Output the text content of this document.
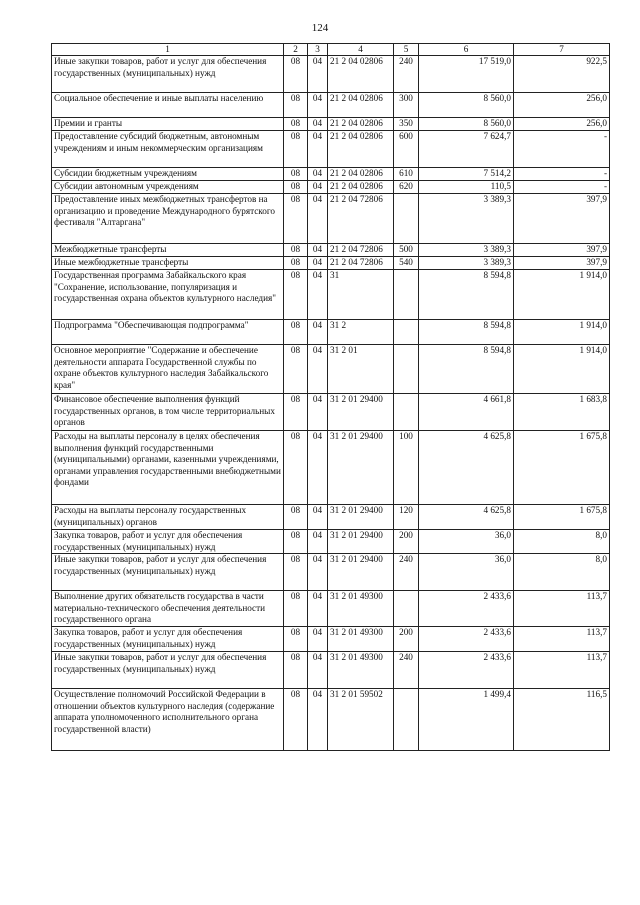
124
1	2	3	4	5	6	7
Иные закупки товаров, работ и услуг для обеспечения государственных (муниципальных) нужд	08	04	21 2 04 02806	240	17 519,0	922,5
Социальное обеспечение и иные выплаты населению	08	04	21 2 04 02806	300	8 560,0	256,0
Премии и гранты	08	04	21 2 04 02806	350	8 560,0	256,0
Предоставление субсидий бюджетным, автономным учреждениям и иным некоммерческим организациям	08	04	21 2 04 02806	600	7 624,7	-
Субсидии бюджетным учреждениям	08	04	21 2 04 02806	610	7 514,2	-
Субсидии автономным учреждениям	08	04	21 2 04 02806	620	110,5	-
Предоставление иных межбюджетных трансфертов на организацию и проведение Международного бурятского фестиваля "Алтаргана"	08	04	21 2 04 72806		3 389,3	397,9
Межбюджетные трансферты	08	04	21 2 04 72806	500	3 389,3	397,9
Иные межбюджетные трансферты	08	04	21 2 04 72806	540	3 389,3	397,9
Государственная программа Забайкальского края "Сохранение, использование, популяризация и государственная охрана объектов культурного наследия"	08	04	31		8 594,8	1 914,0
Подпрограмма "Обеспечивающая подпрограмма"	08	04	31 2		8 594,8	1 914,0
Основное мероприятие "Содержание и обеспечение деятельности аппарата Государственной службы по охране объектов культурного наследия Забайкальского края"	08	04	31 2 01		8 594,8	1 914,0
Финансовое обеспечение выполнения функций государственных органов, в том числе территориальных органов	08	04	31 2 01 29400		4 661,8	1 683,8
Расходы на выплаты персоналу в целях обеспечения выполнения функций государственными (муниципальными) органами, казенными учреждениями, органами управления государственными внебюджетными фондами	08	04	31 2 01 29400	100	4 625,8	1 675,8
Расходы на выплаты персоналу государственных (муниципальных) органов	08	04	31 2 01 29400	120	4 625,8	1 675,8
Закупка товаров, работ и услуг для обеспечения государственных (муниципальных) нужд	08	04	31 2 01 29400	200	36,0	8,0
Иные закупки товаров, работ и услуг для обеспечения государственных (муниципальных) нужд	08	04	31 2 01 29400	240	36,0	8,0
Выполнение других обязательств государства в части материально-технического обеспечения деятельности государственного органа	08	04	31 2 01 49300		2 433,6	113,7
Закупка товаров, работ и услуг для обеспечения государственных (муниципальных) нужд	08	04	31 2 01 49300	200	2 433,6	113,7
Иные закупки товаров, работ и услуг для обеспечения государственных (муниципальных) нужд	08	04	31 2 01 49300	240	2 433,6	113,7
Осуществление полномочий Российской Федерации в отношении объектов культурного наследия (содержание аппарата уполномоченного исполнительного органа государственной власти)	08	04	31 2 01 59502		1 499,4	116,5
